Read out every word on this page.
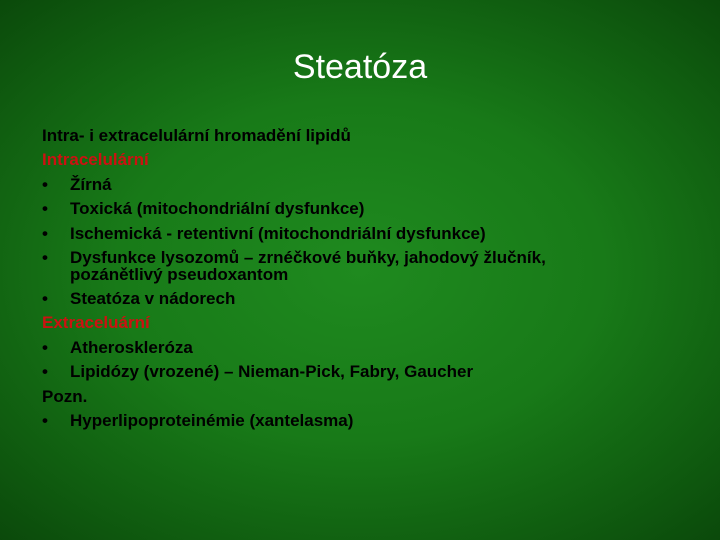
Steatóza
Intra- i extracelulární hromadění lipidů
Intracelulární
•	Žírná
•	Toxická (mitochondriální dysfunkce)
•	Ischemická - retentivní (mitochondriální dysfunkce)
•	Dysfunkce lysozomů – zrnéčkové buňky, jahodový žlučník,
pozánětlivý pseudoxantom
•	Steatóza v nádorech
Extraceluární
•	Atheroskleróza
•	Lipidózy (vrozené) – Nieman-Pick, Fabry, Gaucher
Pozn.
•	Hyperlipoproteinémie (xantelasma)
